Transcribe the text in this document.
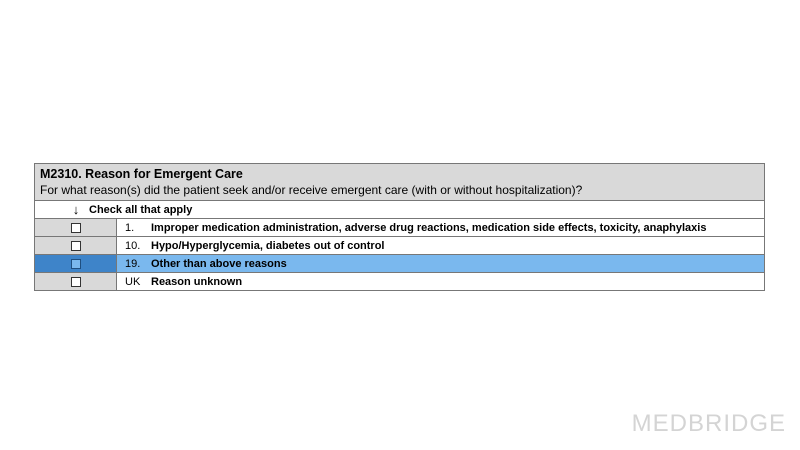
M2310. Reason for Emergent Care
For what reason(s) did the patient seek and/or receive emergent care (with or without hospitalization)?
↓ Check all that apply
1.	Improper medication administration, adverse drug reactions, medication side effects, toxicity, anaphylaxis
10. Hypo/Hyperglycemia, diabetes out of control
19. Other than above reasons
UK Reason unknown
MEDBRIDGE
